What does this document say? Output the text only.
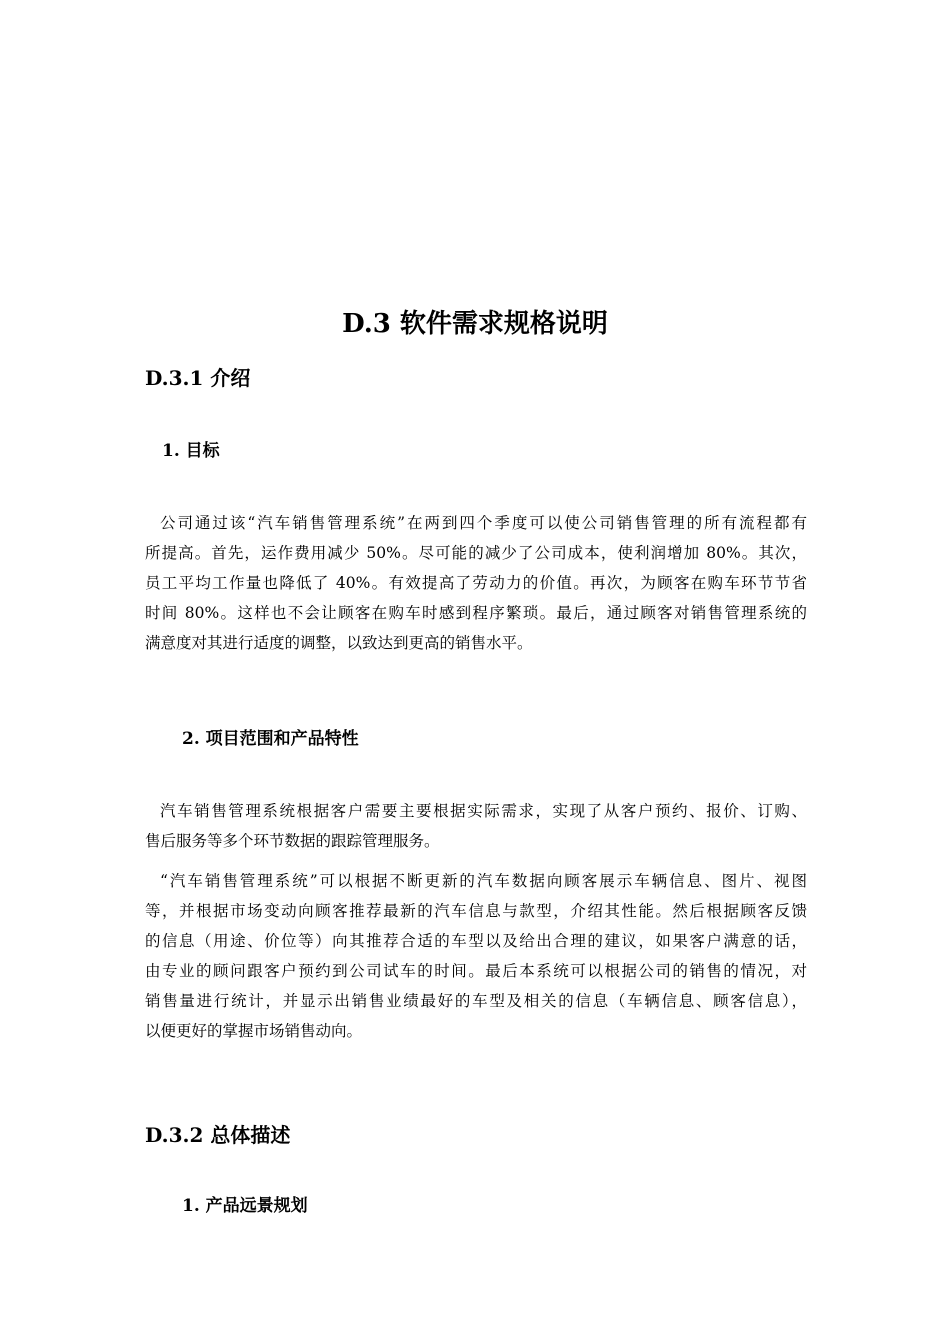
D.3 软件需求规格说明
D.3.1 介绍
1. 目标
公司通过该“汽车销售管理系统”在两到四个季度可以使公司销售管理的所有流程都有
所提高。首先，运作费用减少 50%。尽可能的减少了公司成本，使利润增加 80%。其次，
员工平均工作量也降低了 40%。有效提高了劳动力的价值。再次，为顾客在购车环节节省
时间 80%。这样也不会让顾客在购车时感到程序繁琐。最后，通过顾客对销售管理系统的
满意度对其进行适度的调整，以致达到更高的销售水平。
2. 项目范围和产品特性
汽车销售管理系统根据客户需要主要根据实际需求，实现了从客户预约、报价、订购、
售后服务等多个环节数据的跟踪管理服务。
“汽车销售管理系统”可以根据不断更新的汽车数据向顾客展示车辆信息、图片、视图
等，并根据市场变动向顾客推荐最新的汽车信息与款型，介绍其性能。然后根据顾客反馈
的信息（用途、价位等）向其推荐合适的车型以及给出合理的建议，如果客户满意的话，
由专业的顾问跟客户预约到公司试车的时间。最后本系统可以根据公司的销售的情况，对
销售量进行统计，并显示出销售业绩最好的车型及相关的信息（车辆信息、顾客信息），
以便更好的掌握市场销售动向。
D.3.2 总体描述
1. 产品远景规划
